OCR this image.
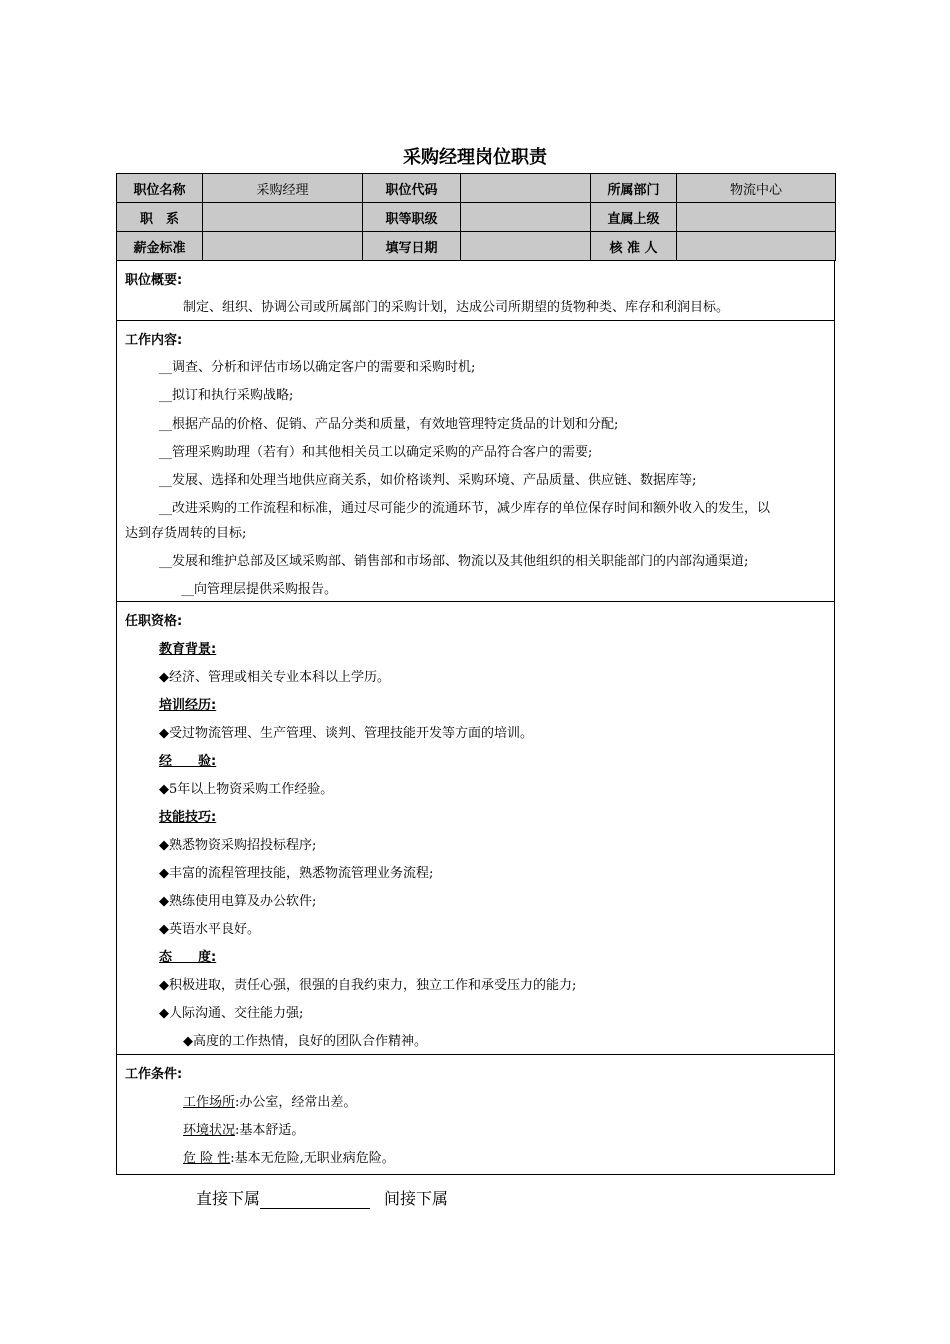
采购经理岗位职责
职位名称	采购经理	职位代码		所属部门	物流中心
职　系		职等职级		直属上级	
薪金标准		填写日期		核 准 人	
职位概要:
制定、组织、协调公司或所属部门的采购计划，达成公司所期望的货物种类、库存和利润目标。
工作内容:
__调查、分析和评估市场以确定客户的需要和采购时机;
__拟订和执行采购战略;
__根据产品的价格、促销、产品分类和质量，有效地管理特定货品的计划和分配;
__管理采购助理（若有）和其他相关员工以确定采购的产品符合客户的需要;
__发展、选择和处理当地供应商关系，如价格谈判、采购环境、产品质量、供应链、数据库等;
__改进采购的工作流程和标准，通过尽可能少的流通环节，减少库存的单位保存时间和额外收入的发生，以
达到存货周转的目标;
__发展和维护总部及区域采购部、销售部和市场部、物流以及其他组织的相关职能部门的内部沟通渠道;
__向管理层提供采购报告。
任职资格:
教育背景:
◆经济、管理或相关专业本科以上学历。
培训经历:
◆受过物流管理、生产管理、谈判、管理技能开发等方面的培训。
经　　验:
◆5年以上物资采购工作经验。
技能技巧:
◆熟悉物资采购招投标程序;
◆丰富的流程管理技能，熟悉物流管理业务流程;
◆熟练使用电算及办公软件;
◆英语水平良好。
态　　度:
◆积极进取，责任心强，很强的自我约束力，独立工作和承受压力的能力;
◆人际沟通、交往能力强;
◆高度的工作热情，良好的团队合作精神。
工作条件:
工作场所:办公室，经常出差。
环境状况:基本舒适。
危 险 性:基本无危险,无职业病危险。
直接下属	间接下属
